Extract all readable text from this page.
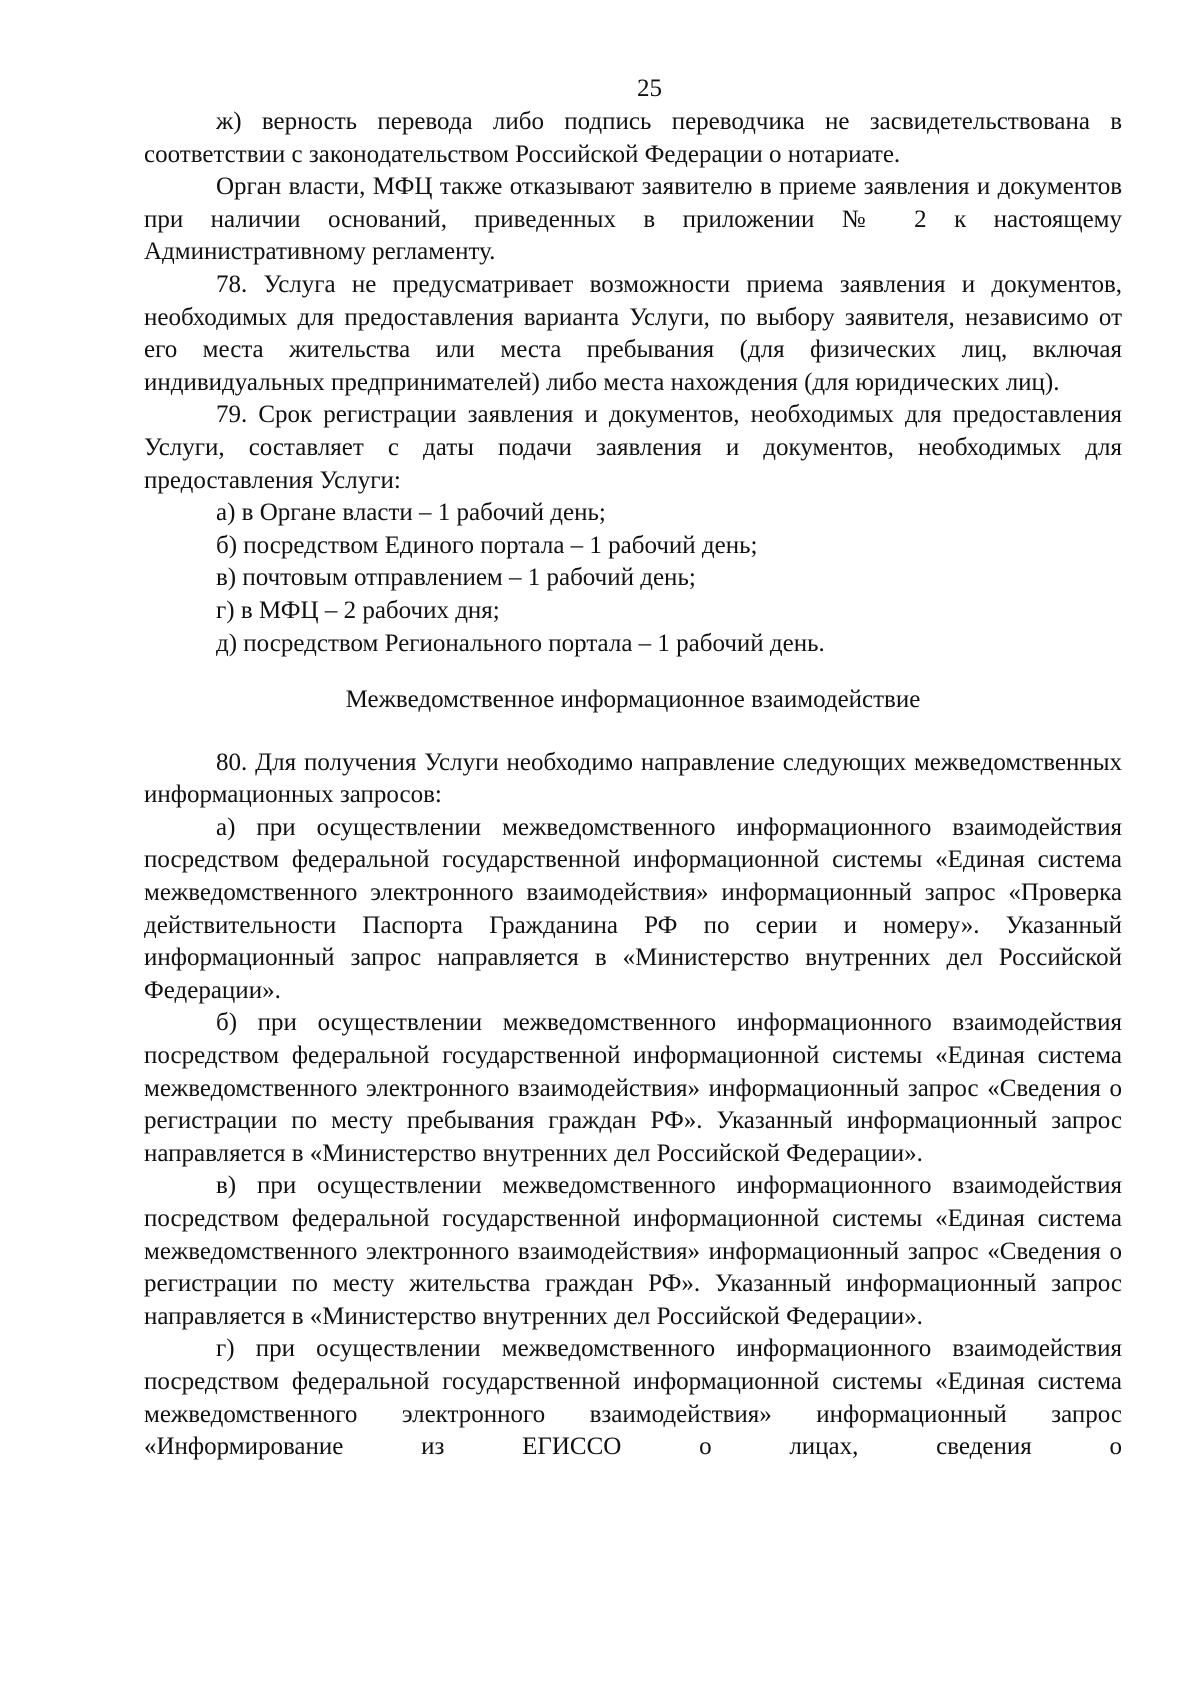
25

ж) верность перевода либо подпись переводчика не засвидетельствована в соответствии с законодательством Российской Федерации о нотариате.

Орган власти, МФЦ также отказывают заявителю в приеме заявления и документов при наличии оснований, приведенных в приложении № 2 к настоящему Административному регламенту.

78. Услуга не предусматривает возможности приема заявления и документов, необходимых для предоставления варианта Услуги, по выбору заявителя, независимо от его места жительства или места пребывания (для физических лиц, включая индивидуальных предпринимателей) либо места нахождения (для юридических лиц).

79. Срок регистрации заявления и документов, необходимых для предоставления Услуги, составляет с даты подачи заявления и документов, необходимых для предоставления Услуги:

а) в Органе власти – 1 рабочий день;

б) посредством Единого портала – 1 рабочий день;

в) почтовым отправлением – 1 рабочий день;

г) в МФЦ – 2 рабочих дня;

д) посредством Регионального портала – 1 рабочий день.

Межведомственное информационное взаимодействие

80. Для получения Услуги необходимо направление следующих межведомственных информационных запросов:

а) при осуществлении межведомственного информационного взаимодействия посредством федеральной государственной информационной системы «Единая система межведомственного электронного взаимодействия» информационный запрос «Проверка действительности Паспорта Гражданина РФ по серии и номеру». Указанный информационный запрос направляется в «Министерство внутренних дел Российской Федерации».

б) при осуществлении межведомственного информационного взаимодействия посредством федеральной государственной информационной системы «Единая система межведомственного электронного взаимодействия» информационный запрос «Сведения о регистрации по месту пребывания граждан РФ». Указанный информационный запрос направляется в «Министерство внутренних дел Российской Федерации».

в) при осуществлении межведомственного информационного взаимодействия посредством федеральной государственной информационной системы «Единая система межведомственного электронного взаимодействия» информационный запрос «Сведения о регистрации по месту жительства граждан РФ». Указанный информационный запрос направляется в «Министерство внутренних дел Российской Федерации».

г) при осуществлении межведомственного информационного взаимодействия посредством федеральной государственной информационной системы «Единая система межведомственного электронного взаимодействия» информационный запрос «Информирование из ЕГИССО о лицах, сведения о
